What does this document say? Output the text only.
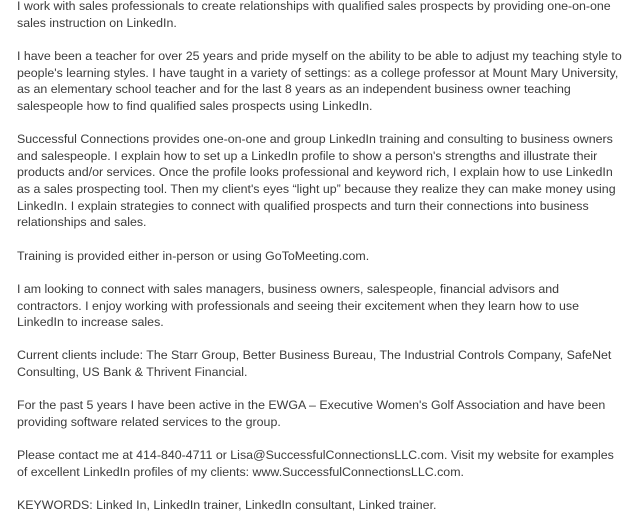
I work with sales professionals to create relationships with qualified sales prospects by providing one-on-one sales instruction on LinkedIn.

I have been a teacher for over 25 years and pride myself on the ability to be able to adjust my teaching style to people's learning styles. I have taught in a variety of settings: as a college professor at Mount Mary University, as an elementary school teacher and for the last 8 years as an independent business owner teaching salespeople how to find qualified sales prospects using LinkedIn.

Successful Connections provides one-on-one and group LinkedIn training and consulting to business owners and salespeople. I explain how to set up a LinkedIn profile to show a person's strengths and illustrate their products and/or services. Once the profile looks professional and keyword rich, I explain how to use LinkedIn as a sales prospecting tool. Then my client's eyes “light up” because they realize they can make money using LinkedIn. I explain strategies to connect with qualified prospects and turn their connections into business relationships and sales.

Training is provided either in-person or using GoToMeeting.com.

I am looking to connect with sales managers, business owners, salespeople, financial advisors and contractors. I enjoy working with professionals and seeing their excitement when they learn how to use LinkedIn to increase sales.

Current clients include: The Starr Group, Better Business Bureau, The Industrial Controls Company, SafeNet Consulting, US Bank & Thrivent Financial.

For the past 5 years I have been active in the EWGA – Executive Women's Golf Association and have been providing software related services to the group.

Please contact me at 414-840-4711 or Lisa@SuccessfulConnectionsLLC.com. Visit my website for examples of excellent LinkedIn profiles of my clients: www.SuccessfulConnectionsLLC.com.

KEYWORDS: Linked In, LinkedIn trainer, LinkedIn consultant, Linked trainer.
